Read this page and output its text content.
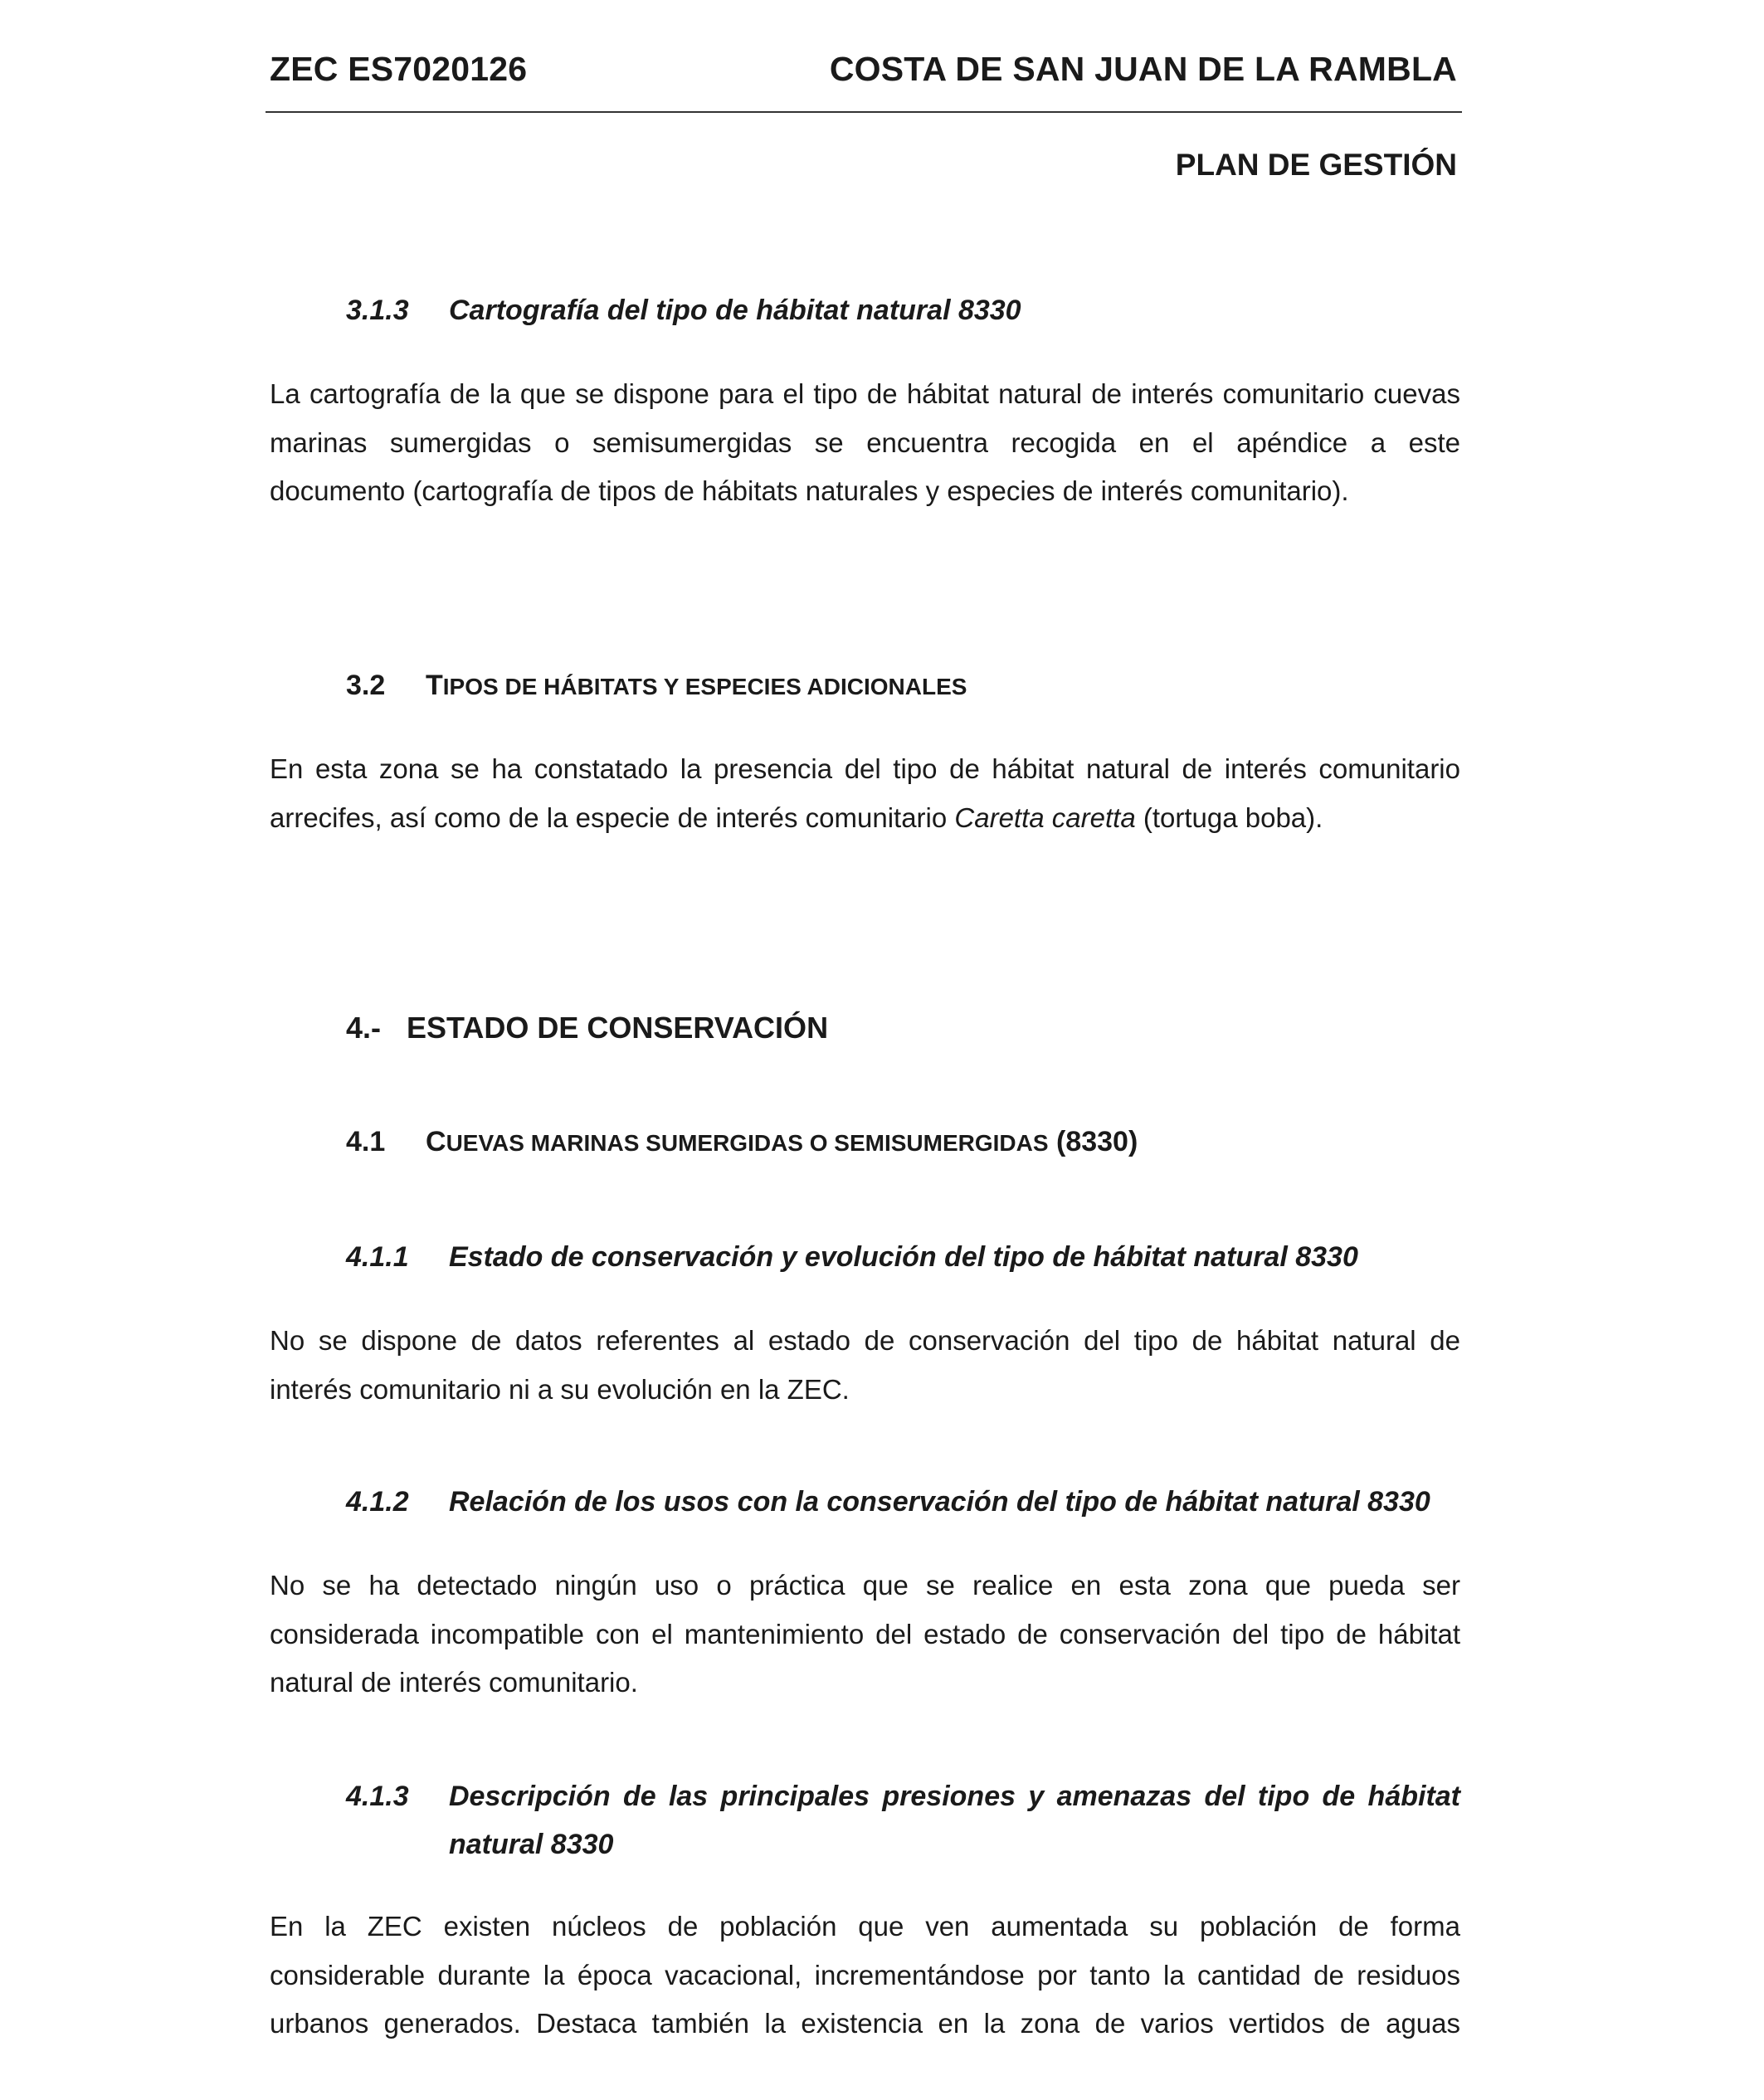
ZEC ES7020126	COSTA DE SAN JUAN DE LA RAMBLA
PLAN DE GESTIÓN
3.1.3 Cartografía del tipo de hábitat natural 8330
La cartografía de la que se dispone para el tipo de hábitat natural de interés comunitario cuevas
marinas sumergidas o semisumergidas se encuentra recogida en el apéndice a este
documento (cartografía de tipos de hábitats naturales y especies de interés comunitario).
3.2 TIPOS DE HÁBITATS Y ESPECIES ADICIONALES
En esta zona se ha constatado la presencia del tipo de hábitat natural de interés comunitario
arrecifes, así como de la especie de interés comunitario Caretta caretta (tortuga boba).
4.- ESTADO DE CONSERVACIÓN
4.1 CUEVAS MARINAS SUMERGIDAS O SEMISUMERGIDAS (8330)
4.1.1 Estado de conservación y evolución del tipo de hábitat natural 8330
No se dispone de datos referentes al estado de conservación del tipo de hábitat natural de
interés comunitario ni a su evolución en la ZEC.
4.1.2 Relación de los usos con la conservación del tipo de hábitat natural 8330
No se ha detectado ningún uso o práctica que se realice en esta zona que pueda ser
considerada incompatible con el mantenimiento del estado de conservación del tipo de hábitat
natural de interés comunitario.
4.1.3	Descripción de las principales presiones y amenazas del tipo de hábitat natural 8330
En la ZEC existen núcleos de población que ven aumentada su población de forma
considerable durante la época vacacional, incrementándose por tanto la cantidad de residuos
urbanos generados. Destaca también la existencia en la zona de varios vertidos de aguas
